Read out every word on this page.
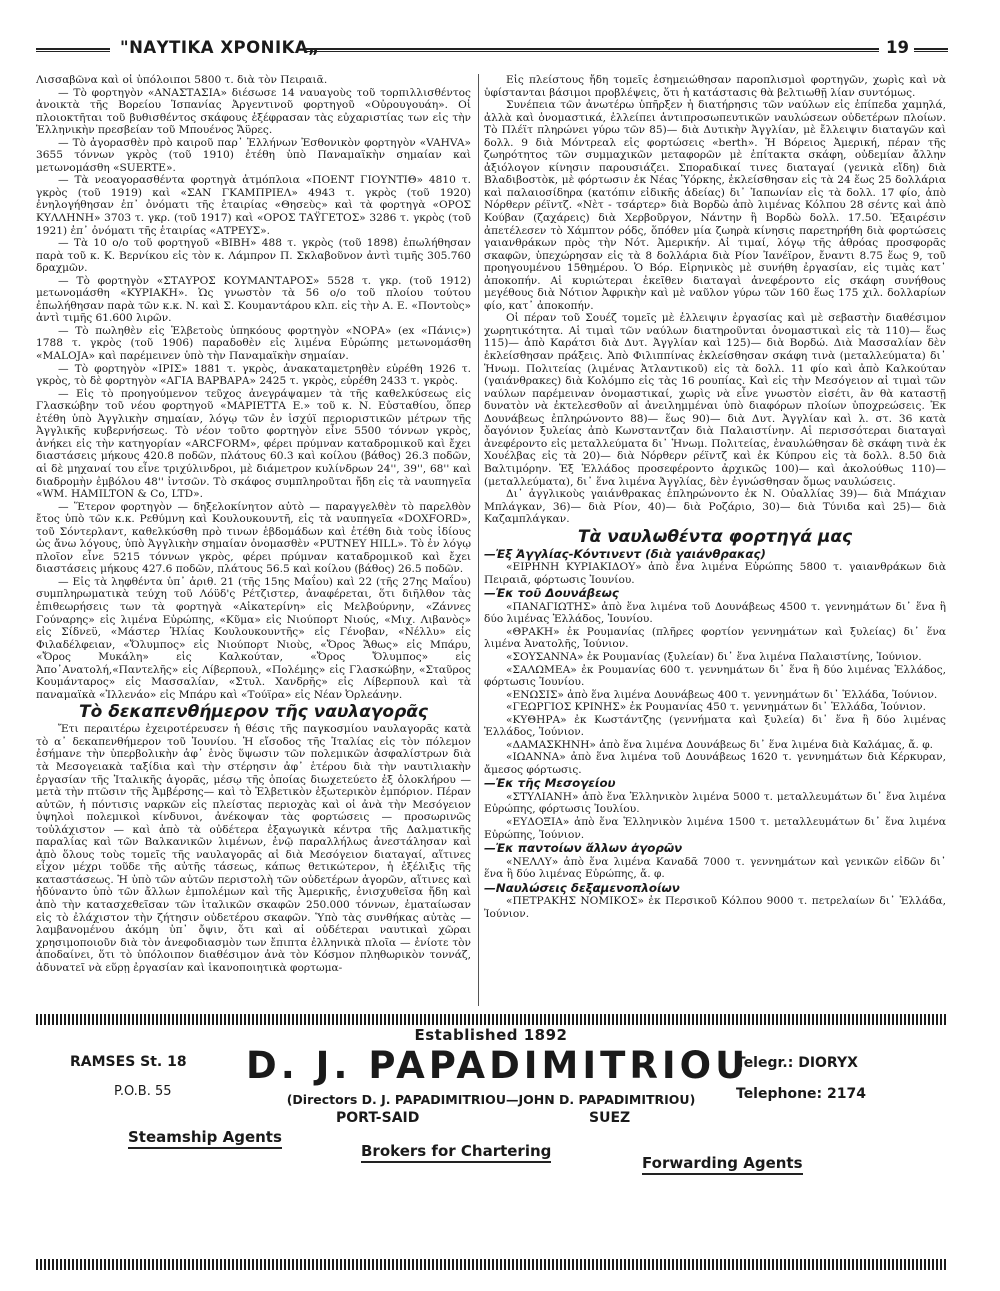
"ΝΑΥΤΙΚΑ ΧΡΟΝΙΚΑ„	19

Λισσαβῶνα καὶ οἱ ὑπόλοιποι 5800 τ. διὰ τὸν Πειραιᾶ.

— Τὸ φορτηγὸν «ΑΝΑΣΤΑΣΙΑ» διέσωσε 14 ναυαγοὺς τοῦ τορπιλλισθέντος ἀνοικτὰ τῆς Βορείου Ἱσπανίας Ἀργεντινοῦ φορτηγοῦ «Οὐρουγουάη». Οἱ πλοιοκτῆται τοῦ βυθισθέντος σκάφους ἐξέφρασαν τὰς εὐχαριστίας των εἰς τὴν Ἑλληνικὴν πρεσβείαν τοῦ Μπουένος Ἄϋρες.

— Τὸ ἀγορασθὲν πρὸ καιροῦ παρ᾽ Ἑλλήνων Ἐσθονικὸν φορτηγὸν «VAHVA» 3655 τόννων γκρὸς (τοῦ 1910) ἐτέθη ὑπὸ Παναμαϊκὴν σημαίαν καὶ μετωνομάσθη «SUERTE».

— Τὰ νεοαγορασθέντα φορτηγὰ ἀτμόπλοια «ΠΟΕΝΤ ΓΙΟΥΝΤΙΘ» 4810 τ. γκρὸς (τοῦ 1919) καὶ «ΣΑΝ ΓΚΑΜΠΡΙΕΛ» 4943 τ. γκρὸς (τοῦ 1920) ἐνηλογήθησαν ἐπ᾽ ὀνόματι τῆς ἑταιρίας «Θησεὺς» καὶ τὰ φορτηγὰ «ΟΡΟΣ ΚΥΛΛΗΝΗ» 3703 τ. γκρ. (τοῦ 1917) καὶ «ΟΡΟΣ ΤΑΫΓΕΤΟΣ» 3286 τ. γκρὸς (τοῦ 1921) ἐπ᾽ ὀνόματι τῆς ἑταιρίας «ΑΤΡΕΥΣ».

— Τὰ 10 ο/ο τοῦ φορτηγοῦ «ΒΙΒΗ» 488 τ. γκρὸς (τοῦ 1898) ἐπωλήθησαν παρὰ τοῦ κ. Κ. Βερνίκου εἰς τὸν κ. Λάμπρον Π. Σκλαβοῦνον ἀντὶ τιμῆς 305.760 δραχμῶν.

— Τὸ φορτηγὸν «ΣΤΑΥΡΟΣ ΚΟΥΜΑΝΤΑΡΟΣ» 5528 τ. γκρ. (τοῦ 1912) μετωνομάσθη «ΚΥΡΙΑΚΗ». Ὡς γνωστὸν τὰ 56 ο/ο τοῦ πλοίου τούτου ἐπωλήθησαν παρὰ τῶν κ.κ. Ν. καὶ Σ. Κουμαντάρου κλπ. εἰς τὴν Α. Ε. «Ποντοὺς» ἀντὶ τιμῆς 61.600 λιρῶν.

— Τὸ πωληθὲν εἰς Ἑλβετοὺς ὑπηκόους φορτηγὸν «ΝΟΡΑ» (ex «Πάνις») 1788 τ. γκρὸς (τοῦ 1906) παραδοθὲν εἰς λιμένα Εὐρώπης μετωνομάσθη «MALOJA» καὶ παρέμεινεν ὑπὸ τὴν Παναμαϊκὴν σημαίαν.

— Τὸ φορτηγὸν «ΙΡΙΣ» 1881 τ. γκρὸς, ἀνακαταμετρηθὲν εὑρέθη 1926 τ. γκρὸς, τὸ δὲ φορτηγὸν «ΑΓΙΑ ΒΑΡΒΑΡΑ» 2425 τ. γκρὸς, εὑρέθη 2433 τ. γκρὸς.

— Εἰς τὸ προηγούμενον τεῦχος ἀνεγράψαμεν τὰ τῆς καθελκύσεως εἰς Γλασκώβην τοῦ νέου φορτηγοῦ «ΜΑΡΙΕΤΤΑ Ε.» τοῦ κ. Ν. Εὐσταθίου, ὅπερ ἐτέθη ὑπὸ Ἀγγλικὴν σημαίαν, λόγῳ τῶν ἐν ἰσχύϊ περιοριστικῶν μέτρων τῆς Ἀγγλικῆς κυβερνήσεως. Τὸ νέον τοῦτο φορτηγὸν εἶνε 5500 τόννων γκρὸς, ἀνήκει εἰς τὴν κατηγορίαν «ARCFORM», φέρει πρύμναν καταδρομικοῦ καὶ ἔχει διαστάσεις μήκους 420.8 ποδῶν, πλάτους 60.3 καὶ κοίλου (βάθος) 26.3 ποδῶν, αἱ δὲ μηχαναί του εἶνε τριχύλινδροι, μὲ διάμετρον κυλίνδρων 24'', 39'', 68'' καὶ διαδρομὴν ἐμβόλου 48'' ἰντσῶν. Τὸ σκάφος συμπληροῦται ἤδη εἰς τὰ ναυπηγεῖα «WM. HAMILTON & Co, LTD».

— Ἕτερον φορτηγὸν — δηξελοκίνητον αὐτὸ — παραγγελθὲν τὸ παρελθὸν ἔτος ὑπὸ τῶν κ.κ. Ρεθύμνη καὶ Κουλουκουντῆ, εἰς τὰ ναυπηγεῖα «DOXFORD», τοῦ Σόντερλαντ, καθελκύσθη πρὸ τινων ἑβδομάδων καὶ ἐτέθη διὰ τοὺς ἰδίους ὡς ἄνω λόγους, ὑπὸ Ἀγγλικὴν σημαίαν ὀνομασθὲν «PUTNEY HILL». Τὸ ἐν λόγῳ πλοῖον εἶνε 5215 τόννων γκρὸς, φέρει πρύμναν καταδρομικοῦ καὶ ἔχει διαστάσεις μήκους 427.6 ποδῶν, πλάτους 56.5 καὶ κοίλου (βάθος) 26.5 ποδῶν.

— Εἰς τὰ ληφθέντα ὑπ᾽ ἀριθ. 21 (τῆς 15ης Μαΐου) καὶ 22 (τῆς 27ης Μαΐου) συμπληρωματικὰ τεύχη τοῦ Λόϋδ'ς Ρέτζιστερ, ἀναφέρεται, ὅτι διῆλθον τὰς ἐπιθεωρήσεις των τὰ φορτηγὰ «Αἰκατερίνη» εἰς Μελβούρνην, «Ζάννες Γούναρης» εἰς λιμένα Εὐρώπης, «Κῦμα» εἰς Νιούπορτ Νιούς, «Μιχ. Λιβανὸς» εἰς Σίδνεϋ, «Μάστερ Ἠλίας Κουλουκουντῆς» εἰς Γένοβαν, «Νέλλυ» εἰς Φιλαδέλφειαν, «Ὄλυμπος» εἰς Νιούπορτ Νιοὺς, «Ὄρος Ἄθως» εἰς Μπάρυ, «Ὄρος Μυκάλη» εἰς Καλκούταν, «Ὄρος Ὄλυμπος» εἰς Ἀπο᾽Ανατολή,«Παντελῆς» εἰς Λίβερπουλ, «Πολέμης» εἰς Γλασκώβην, «Σταῦρος Κουμάνταρος» εἰς Μασσαλίαν, «Στυλ. Χανδρῆς» εἰς Λίβερπουλ καὶ τὰ παναμαϊκὰ «Ἰλλενάο» εἰς Μπάρυ καὶ «Τούϊρα» εἰς Νέαν Ὀρλεάνην.

Τὸ δεκαπενθήμερον τῆς ναυλαγορᾶς

Ἔτι περαιτέρω ἐχειροτέρευσεν ἡ θέσις τῆς παγκοσμίου ναυλαγορᾶς κατὰ τὸ α᾽ δεκαπενθήμερον τοῦ Ἰουνίου. Ἡ εἴσοδος τῆς Ἰταλίας εἰς τὸν πόλεμον ἐσήμανε τὴν ὑπερβολικὴν ἀφ᾽ ἑνὸς ὕψωσιν τῶν πολεμικῶν ἀσφαλίστρων διὰ τὰ Μεσογειακὰ ταξίδια καὶ τὴν στέρησιν ἀφ᾽ ἑτέρου διὰ τὴν ναυτιλιακὴν ἐργασίαν τῆς Ἰταλικῆς ἀγορᾶς, μέσῳ τῆς ὁποίας διωχετεύετο ἐξ ὁλοκλήρου — μετὰ τὴν πτῶσιν τῆς Ἀμβέρσης— καὶ τὸ Ἑλβετικὸν ἐξωτερικὸν ἐμπόριον. Πέραν αὐτῶν, ἡ πόντισις ναρκῶν εἰς πλείστας περιοχὰς καὶ οἱ ἀνὰ τὴν Μεσόγειον ὑψηλοὶ πολεμικοὶ κίνδυνοι, ἀνέκοψαν τὰς φορτώσεις — προσωρινῶς τοὐλάχιστον — καὶ ἀπὸ τὰ οὐδέτερα ἐξαγωγικὰ κέντρα τῆς Δαλματικῆς παραλίας καὶ τῶν Βαλκανικῶν λιμένων, ἐνῷ παραλλήλως ἀνεστάλησαν καὶ ἀπὸ ὅλους τοὺς τομεῖς τῆς ναυλαγορᾶς αἱ διὰ Μεσόγειον διαταγαί, αἵτινες εἶχον μέχρι τοῦδε τῆς αὐτῆς τάσεως, κάπως θετικώτερον, ἡ ἐξέλιξις τῆς καταστάσεως. Ἡ ὑπὸ τῶν αὐτῶν περιστολὴ τῶν οὐδετέρων ἀγορῶν, αἵτινες καὶ ἠδύναντο ὑπὸ τῶν ἄλλων ἐμπολέμων καὶ τῆς Ἀμερικῆς, ἐνισχυθεῖσα ἤδη καὶ ἀπὸ τὴν κατασχεθεῖσαν τῶν ἰταλικῶν σκαφῶν 250.000 τόννων, ἐματαίωσαν εἰς τὸ ἐλάχιστον τὴν ζήτησιν οὐδετέρου σκαφῶν. Ὑπὸ τὰς συνθήκας αὐτὰς — λαμβανομένου ἀκόμη ὑπ᾽ ὄψιν, ὅτι καὶ αἱ οὐδέτεραι ναυτικαὶ χῶραι χρησιμοποιοῦν διὰ τὸν ἀνεφοδιασμὸν των ἔπιπτα ἐλληνικὰ πλοῖα — ἐνίοτε τὸν ἀποδαίνει, ὅτι τὸ ὑπόλοιπον διαθέσιμον ἀνὰ τὸν Κόσμον πληθωρικὸν τοννάζ, ἀδυνατεῖ νὰ εὕρῃ ἐργασίαν καὶ ἱκανοποιητικὰ φορτωμα-

Εἰς πλείστους ἤδη τομεῖς ἐσημειώθησαν παροπλισμοὶ φορτηγῶν, χωρὶς καὶ νὰ ὑφίστανται βάσιμοι προβλέψεις, ὅτι ἡ κατάστασις θὰ βελτιωθῇ λίαν συντόμως.

Συνέπεια τῶν ἀνωτέρω ὑπῆρξεν ἡ διατήρησις τῶν ναύλων εἰς ἐπίπεδα χαμηλά, ἀλλὰ καὶ ὀνομαστικά, ἐλλείπει ἀντιπροσωπευτικῶν ναυλώσεων οὐδετέρων πλοίων. Τὸ Πλέϊτ πληρώνει γύρω τῶν 85)— διὰ Δυτικὴν Ἀγγλίαν, μὲ ἔλλειψιν διαταγῶν καὶ δολλ. 9 διὰ Μόντρεαλ εἰς φορτώσεις «berth». Ἡ Βόρειος Ἀμερική, πέραν τῆς ζωηρότητος τῶν συμμαχικῶν μεταφορῶν μὲ ἐπίτακτα σκάφη, οὐδεμίαν ἄλλην ἀξιόλογον κίνησιν παρουσιάζει. Σποραδικαί τινες διαταγαί (γενικὰ εἴδη) διὰ Βλαδιβοστὸκ, μὲ φόρτωσιν ἐκ Νέας Ὑόρκης, ἐκλείσθησαν εἰς τὰ 24 ἕως 25 δολλάρια καὶ παλαιοσίδηρα (κατόπιν εἰδικῆς ἀδείας) δι᾽ Ἰαπωνίαν εἰς τὰ δολλ. 17 φίο, ἀπὸ Νόρθερν ρέϊντζ. «Νὲτ - τσάρτερ» διὰ Βορδὼ ἀπὸ λιμένας Κόλπου 28 σέντς καὶ ἀπὸ Κούβαν (ζαχάρεις) διὰ Χερβοῦργον, Νάντην ἢ Βορδὼ δολλ. 17.50. Ἐξαιρέσιν ἀπετέλεσεν τὸ Χάμπτον ρόδς, ὅπόθεν μία ζωηρὰ κίνησις παρετηρήθη διὰ φορτώσεις γαιανθράκων πρὸς τὴν Νότ. Ἀμερικήν. Αἱ τιμαί, λόγῳ τῆς ἀθρόας προσφορᾶς σκαφῶν, ὑπεχώρησαν εἰς τὰ 8 δολλάρια διὰ Ρίον Ἰανέϊρον, ἔναντι 8.75 ἕως 9, τοῦ προηγουμένου 15θημέρου. Ὁ Βόρ. Εἰρηνικὸς μὲ συνήθη ἐργασίαν, εἰς τιμὰς κατ᾽ ἀποκοπήν. Αἱ κυριώτεραι ἐκεῖθεν διαταγαὶ ἀνεφέροντο εἰς σκάφη συνήθους μεγέθους διὰ Νότιον Ἀφρικὴν καὶ μὲ ναῦλον γύρω τῶν 160 ἕως 175 χιλ. δολλαρίων φίο, κατ᾽ ἀποκοπήν.

Οἱ πέραν τοῦ Σουέζ τομεῖς μὲ ἐλλειψιν ἐργασίας καὶ μὲ σεβαστὴν διαθέσιμον χωρητικότητα. Αἱ τιμαὶ τῶν ναύλων διατηροῦνται ὀνομαστικαὶ εἰς τὰ 110)— ἕως 115)— ἀπὸ Καράτσι διὰ Δυτ. Ἀγγλίαν καὶ 125)— διὰ Βορδώ. Διὰ Μασσαλίαν δὲν ἐκλείσθησαν πράξεις. Ἀπὸ Φιλιππίνας ἐκλείσθησαν σκάφη τινὰ (μεταλλεύματα) δι᾽ Ἡνωμ. Πολιτείας (λιμένας Ἀτλαντικοῦ) εἰς τὰ δολλ. 11 φίο καὶ ἀπὸ Καλκούταν (γαιάνθρακες) διὰ Κολόμπο εἰς τὰς 16 ρουπίας. Καὶ εἰς τὴν Μεσόγειον αἱ τιμαὶ τῶν ναύλων παρέμειναν ὀνομαστικαί, χωρὶς νὰ εἶνε γνωστὸν εἰσέτι, ἂν θὰ καταστῇ δυνατὸν νὰ ἐκτελεσθοῦν αἱ ἀνειλημμέναι ὑπὸ διαφόρων πλοίων ὑποχρεώσεις. Ἐκ Δουνάβεως ἐπληρώνοντο 88)— ἕως 90)— διὰ Δυτ. Ἀγγλίαν καὶ λ. στ. 36 κατὰ ὄαγόνιον ξυλείας ἀπὸ Κωνσταντζαν διὰ Παλαιστίνην. Αἱ περισσότεραι διαταγαὶ ἀνεφέροντο εἰς μεταλλεύματα δι᾽ Ἡνωμ. Πολιτείας, ἐναυλώθησαν δὲ σκάφη τινὰ ἐκ Χουέλβας εἰς τὰ 20)— διὰ Νόρθερν ρέϊντζ καὶ ἐκ Κύπρου εἰς τὰ δολλ. 8.50 διὰ Βαλτιμόρην. Ἐξ Ἑλλάδος προσεφέροντο ἀρχικῶς 100)— καὶ ἀκολούθως 110)— (μεταλλεύματα), δι᾽ ἕνα λιμένα Ἀγγλίας, δὲν ἐγνώσθησαν ὅμως ναυλώσεις.

Δι᾽ ἀγγλικοὺς γαιάνθρακας ἐπληρώνοντο ἐκ Ν. Οὐαλλίας 39)— διὰ Μπάχιαν Μπλάγκαν, 36)— διὰ Ρίον, 40)— διὰ Ροζάριο, 30)— διὰ Τύνιδα καὶ 25)— διὰ Καζαμπλάγκαν.

Τὰ ναυλωθέντα φορτηγά μας
—Ἐξ Ἀγγλίας-Κόντινεντ (διὰ γαιάνθρακας)

«ΕΙΡΗΝΗ ΚΥΡΙΑΚΙΔΟΥ» ἀπὸ ἕνα λιμένα Εὐρώπης 5800 τ. γαιανθράκων διὰ Πειραιᾶ, φόρτωσις Ἰουνίου.

—Ἐκ τοῦ Δουνάβεως

«ΠΑΝΑΓΙΩΤΗΣ» ἀπὸ ἕνα λιμένα τοῦ Δουνάβεως 4500 τ. γεννημάτων δι᾽ ἕνα ἢ δύο λιμένας Ἑλλάδος, Ἰουνίου.

«ΘΡΑΚΗ» ἐκ Ρουμανίας (πλῆρες φορτίον γεννημάτων καὶ ξυλείας) δι᾽ ἕνα λιμένα Ἀνατολῆς, Ἰούνιον.

«ΣΟΥΣΑΝΝΑ» ἐκ Ρουμανίας (ξυλείαν) δι᾽ ἕνα λιμένα Παλαιστίνης, Ἰούνιον.

«ΣΑΛΩΜΕΑ» ἐκ Ρουμανίας 600 τ. γεννημάτων δι᾽ ἕνα ἢ δύο λιμένας Ἑλλάδος, φόρτωσις Ἰουνίου.

«ΕΝΩΣΙΣ» ἀπὸ ἕνα λιμένα Δουνάβεως 400 τ. γεννημάτων δι᾽ Ἑλλάδα, Ἰούνιον.

«ΓΕΩΡΓΙΟΣ ΚΡΙΝΗΣ» ἐκ Ρουμανίας 450 τ. γεννημάτων δι᾽ Ἑλλάδα, Ἰούνιον.

«ΚΥΘΗΡΑ» ἐκ Κωστάντζης (γεννήματα καὶ ξυλεία) δι᾽ ἕνα ἢ δύο λιμένας Ἑλλάδος, Ἰούνιον.

«ΔΑΜΑΣΚΗΝΗ» ἀπὸ ἕνα λιμένα Δουνάβεως δι᾽ ἕνα λιμένα διὰ Καλάμας, ἄ. φ.

«ΙΩΑΝΝΑ» ἀπὸ ἕνα λιμένα τοῦ Δουνάβεως 1620 τ. γεννημάτων διὰ Κέρκυραν, ἄμεσος φόρτωσις.

—Ἐκ τῆς Μεσογείου

«ΣΤΥΛΙΑΝΗ» ἀπὸ ἕνα Ἑλληνικὸν λιμένα 5000 τ. μεταλλευμάτων δι᾽ ἕνα λιμένα Εὐρώπης, φόρτωσις Ἰουλίου.

«ΕΥΔΟΞΙΑ» ἀπὸ ἕνα Ἑλληνικὸν λιμένα 1500 τ. μεταλλευμάτων δι᾽ ἕνα λιμένα Εὐρώπης, Ἰούνιον.

—Ἐκ παντοίων ἄλλων ἀγορῶν

«ΝΕΛΛΥ» ἀπὸ ἕνα λιμένα Καναδᾶ 7000 τ. γεννημάτων καὶ γενικῶν εἰδῶν δι᾽ ἕνα ἢ δύο λιμένας Εὐρώπης, ἄ. φ.

—Ναυλώσεις δεξαμενοπλοίων

«ΠΕΤΡΑΚΗΣ ΝΟΜΙΚΟΣ» ἐκ Περσικοῦ Κόλπου 9000 τ. πετρελαίων δι᾽ Ἑλλάδα, Ἰούνιον.

Established 1892
RAMSES St. 18
P.O.B. 55
D. J. PAPADIMITRIOU
Telegr.: DIORYX
Telephone: 2174
(Directors D. J. PAPADIMITRIOU—JOHN D. PAPADIMITRIOU)
PORT-SAID	SUEZ
Steamship Agents
Brokers for Chartering
Forwarding Agents
